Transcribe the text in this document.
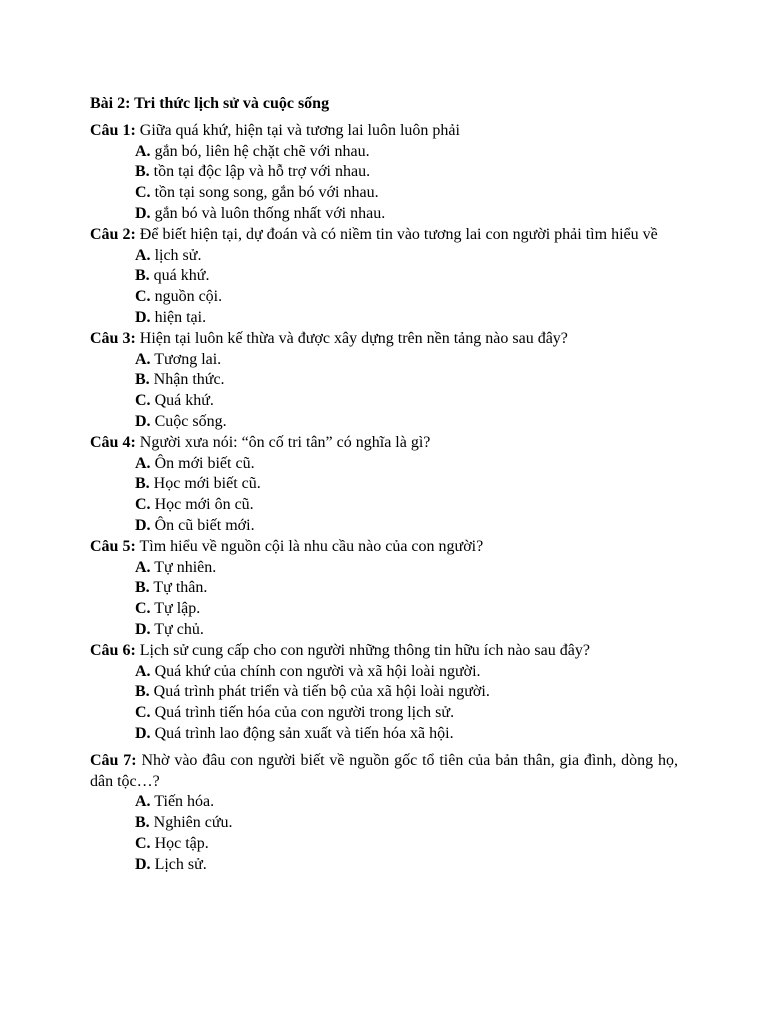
Bài 2: Tri thức lịch sử và cuộc sống
Câu 1: Giữa quá khứ, hiện tại và tương lai luôn luôn phải
A. gắn bó, liên hệ chặt chẽ với nhau.
B. tồn tại độc lập và hỗ trợ với nhau.
C. tồn tại song song, gắn bó với nhau.
D. gắn bó và luôn thống nhất với nhau.
Câu 2: Để biết hiện tại, dự đoán và có niềm tin vào tương lai con người phải tìm hiểu về
A. lịch sử.
B. quá khứ.
C. nguồn cội.
D. hiện tại.
Câu 3: Hiện tại luôn kế thừa và được xây dựng trên nền tảng nào sau đây?
A. Tương lai.
B. Nhận thức.
C. Quá khứ.
D. Cuộc sống.
Câu 4: Người xưa nói: “ôn cố tri tân” có nghĩa là gì?
A. Ôn mới biết cũ.
B. Học mới biết cũ.
C. Học mới ôn cũ.
D. Ôn cũ biết mới.
Câu 5: Tìm hiểu về nguồn cội là nhu cầu nào của con người?
A. Tự nhiên.
B. Tự thân.
C. Tự lập.
D. Tự chủ.
Câu 6: Lịch sử cung cấp cho con người những thông tin hữu ích nào sau đây?
A. Quá khứ của chính con người và xã hội loài người.
B. Quá trình phát triển và tiến bộ của xã hội loài người.
C. Quá trình tiến hóa của con người trong lịch sử.
D. Quá trình lao động sản xuất và tiến hóa xã hội.
Câu 7: Nhờ vào đâu con người biết về nguồn gốc tổ tiên của bản thân, gia đình, dòng họ, dân tộc…?
A. Tiến hóa.
B. Nghiên cứu.
C. Học tập.
D. Lịch sử.
